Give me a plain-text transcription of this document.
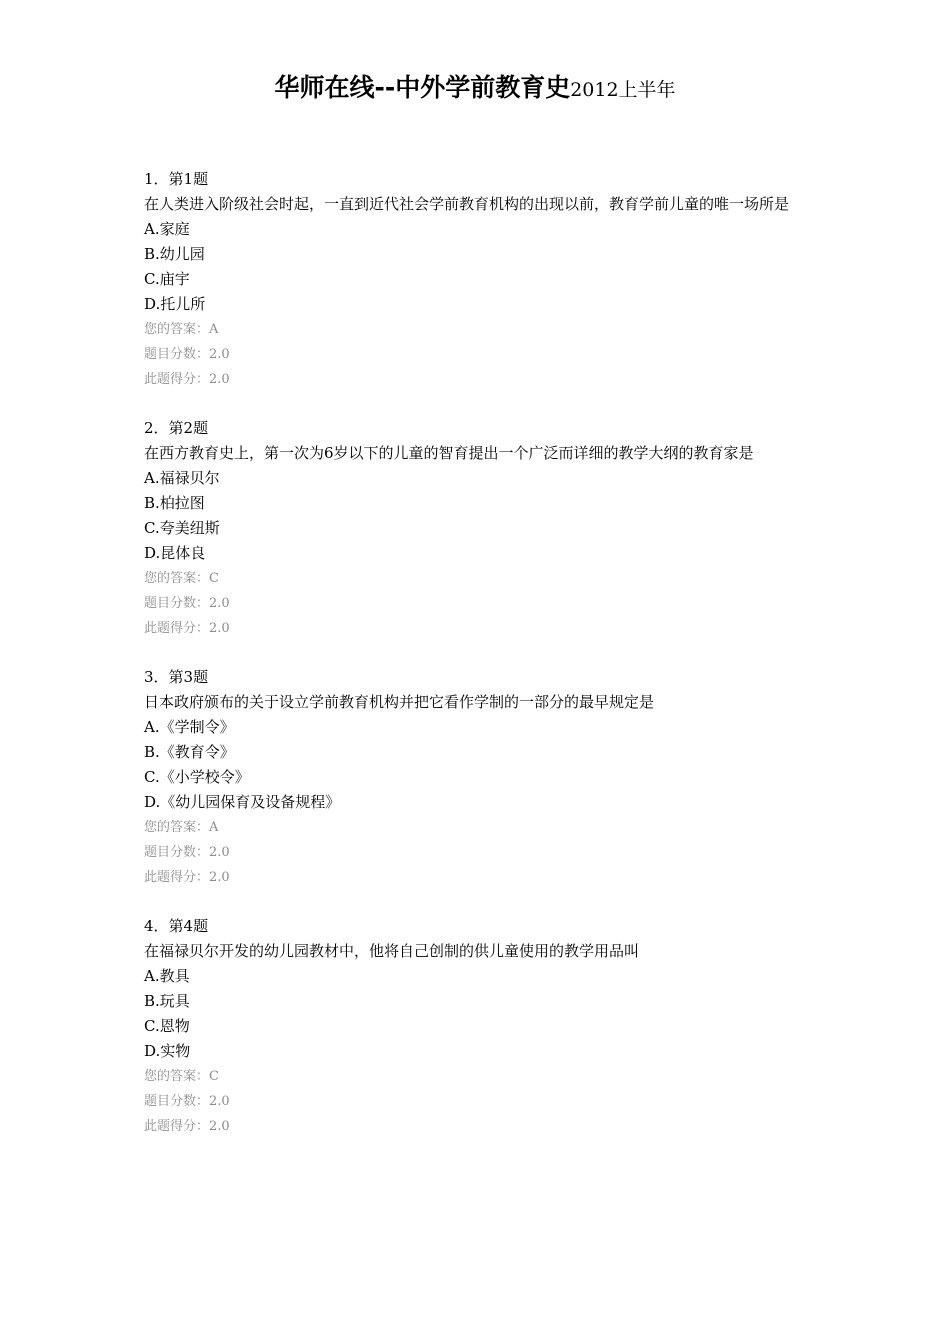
华师在线--中外学前教育史2012上半年

1．第1题

在人类进入阶级社会时起，一直到近代社会学前教育机构的出现以前，教育学前儿童的唯一场所是

A.家庭

B.幼儿园

C.庙宇

D.托儿所

您的答案：A

题目分数：2.0

此题得分：2.0

2．第2题

在西方教育史上，第一次为6岁以下的儿童的智育提出一个广泛而详细的教学大纲的教育家是

A.福禄贝尔

B.柏拉图

C.夸美纽斯

D.昆体良

您的答案：C

题目分数：2.0

此题得分：2.0

3．第3题

日本政府颁布的关于设立学前教育机构并把它看作学制的一部分的最早规定是

A.《学制令》

B.《教育令》

C.《小学校令》

D.《幼儿园保育及设备规程》

您的答案：A

题目分数：2.0

此题得分：2.0

4．第4题

在福禄贝尔开发的幼儿园教材中，他将自己创制的供儿童使用的教学用品叫

A.教具

B.玩具

C.恩物

D.实物

您的答案：C

题目分数：2.0

此题得分：2.0
